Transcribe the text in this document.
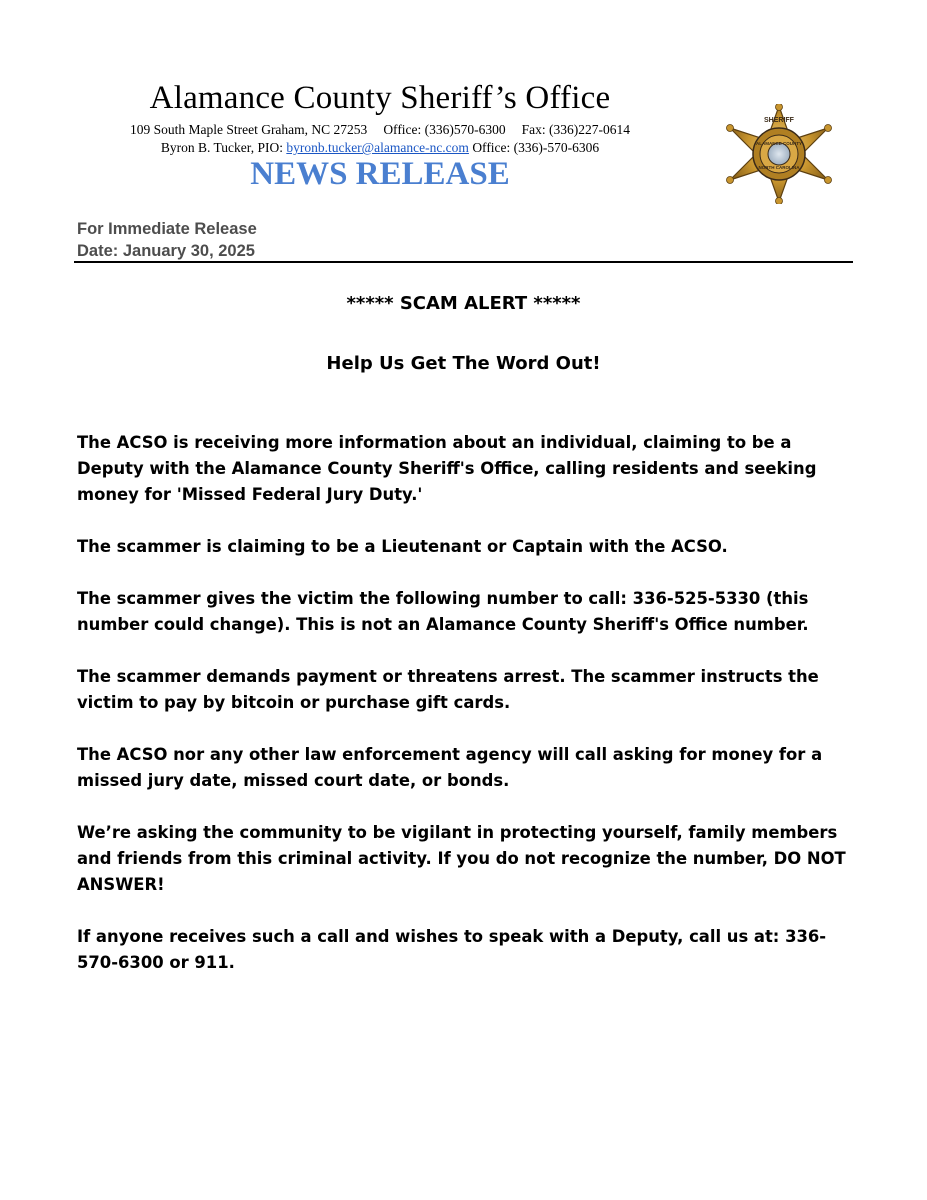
Alamance County Sheriff’s Office
109 South Maple Street Graham, NC 27253 Office: (336)570-6300 Fax: (336)227-0614
Byron B. Tucker, PIO: byronb.tucker@alamance-nc.com Office: (336)-570-6306
NEWS RELEASE
SHERIFF
ALAMANCE COUNTY
NORTH CAROLINA
For Immediate Release
Date: January 30, 2025
***** SCAM ALERT *****
Help Us Get The Word Out!

The ACSO is receiving more information about an individual, claiming to be a Deputy with the Alamance County Sheriff's Office, calling residents and seeking money for 'Missed Federal Jury Duty.'

The scammer is claiming to be a Lieutenant or Captain with the ACSO.

The scammer gives the victim the following number to call: 336-525-5330 (this number could change). This is not an Alamance County Sheriff's Office number.

The scammer demands payment or threatens arrest. The scammer instructs the victim to pay by bitcoin or purchase gift cards.

The ACSO nor any other law enforcement agency will call asking for money for a missed jury date, missed court date, or bonds.

We’re asking the community to be vigilant in protecting yourself, family members and friends from this criminal activity. If you do not recognize the number, DO NOT ANSWER!

If anyone receives such a call and wishes to speak with a Deputy, call us at: 336-570-6300 or 911.
